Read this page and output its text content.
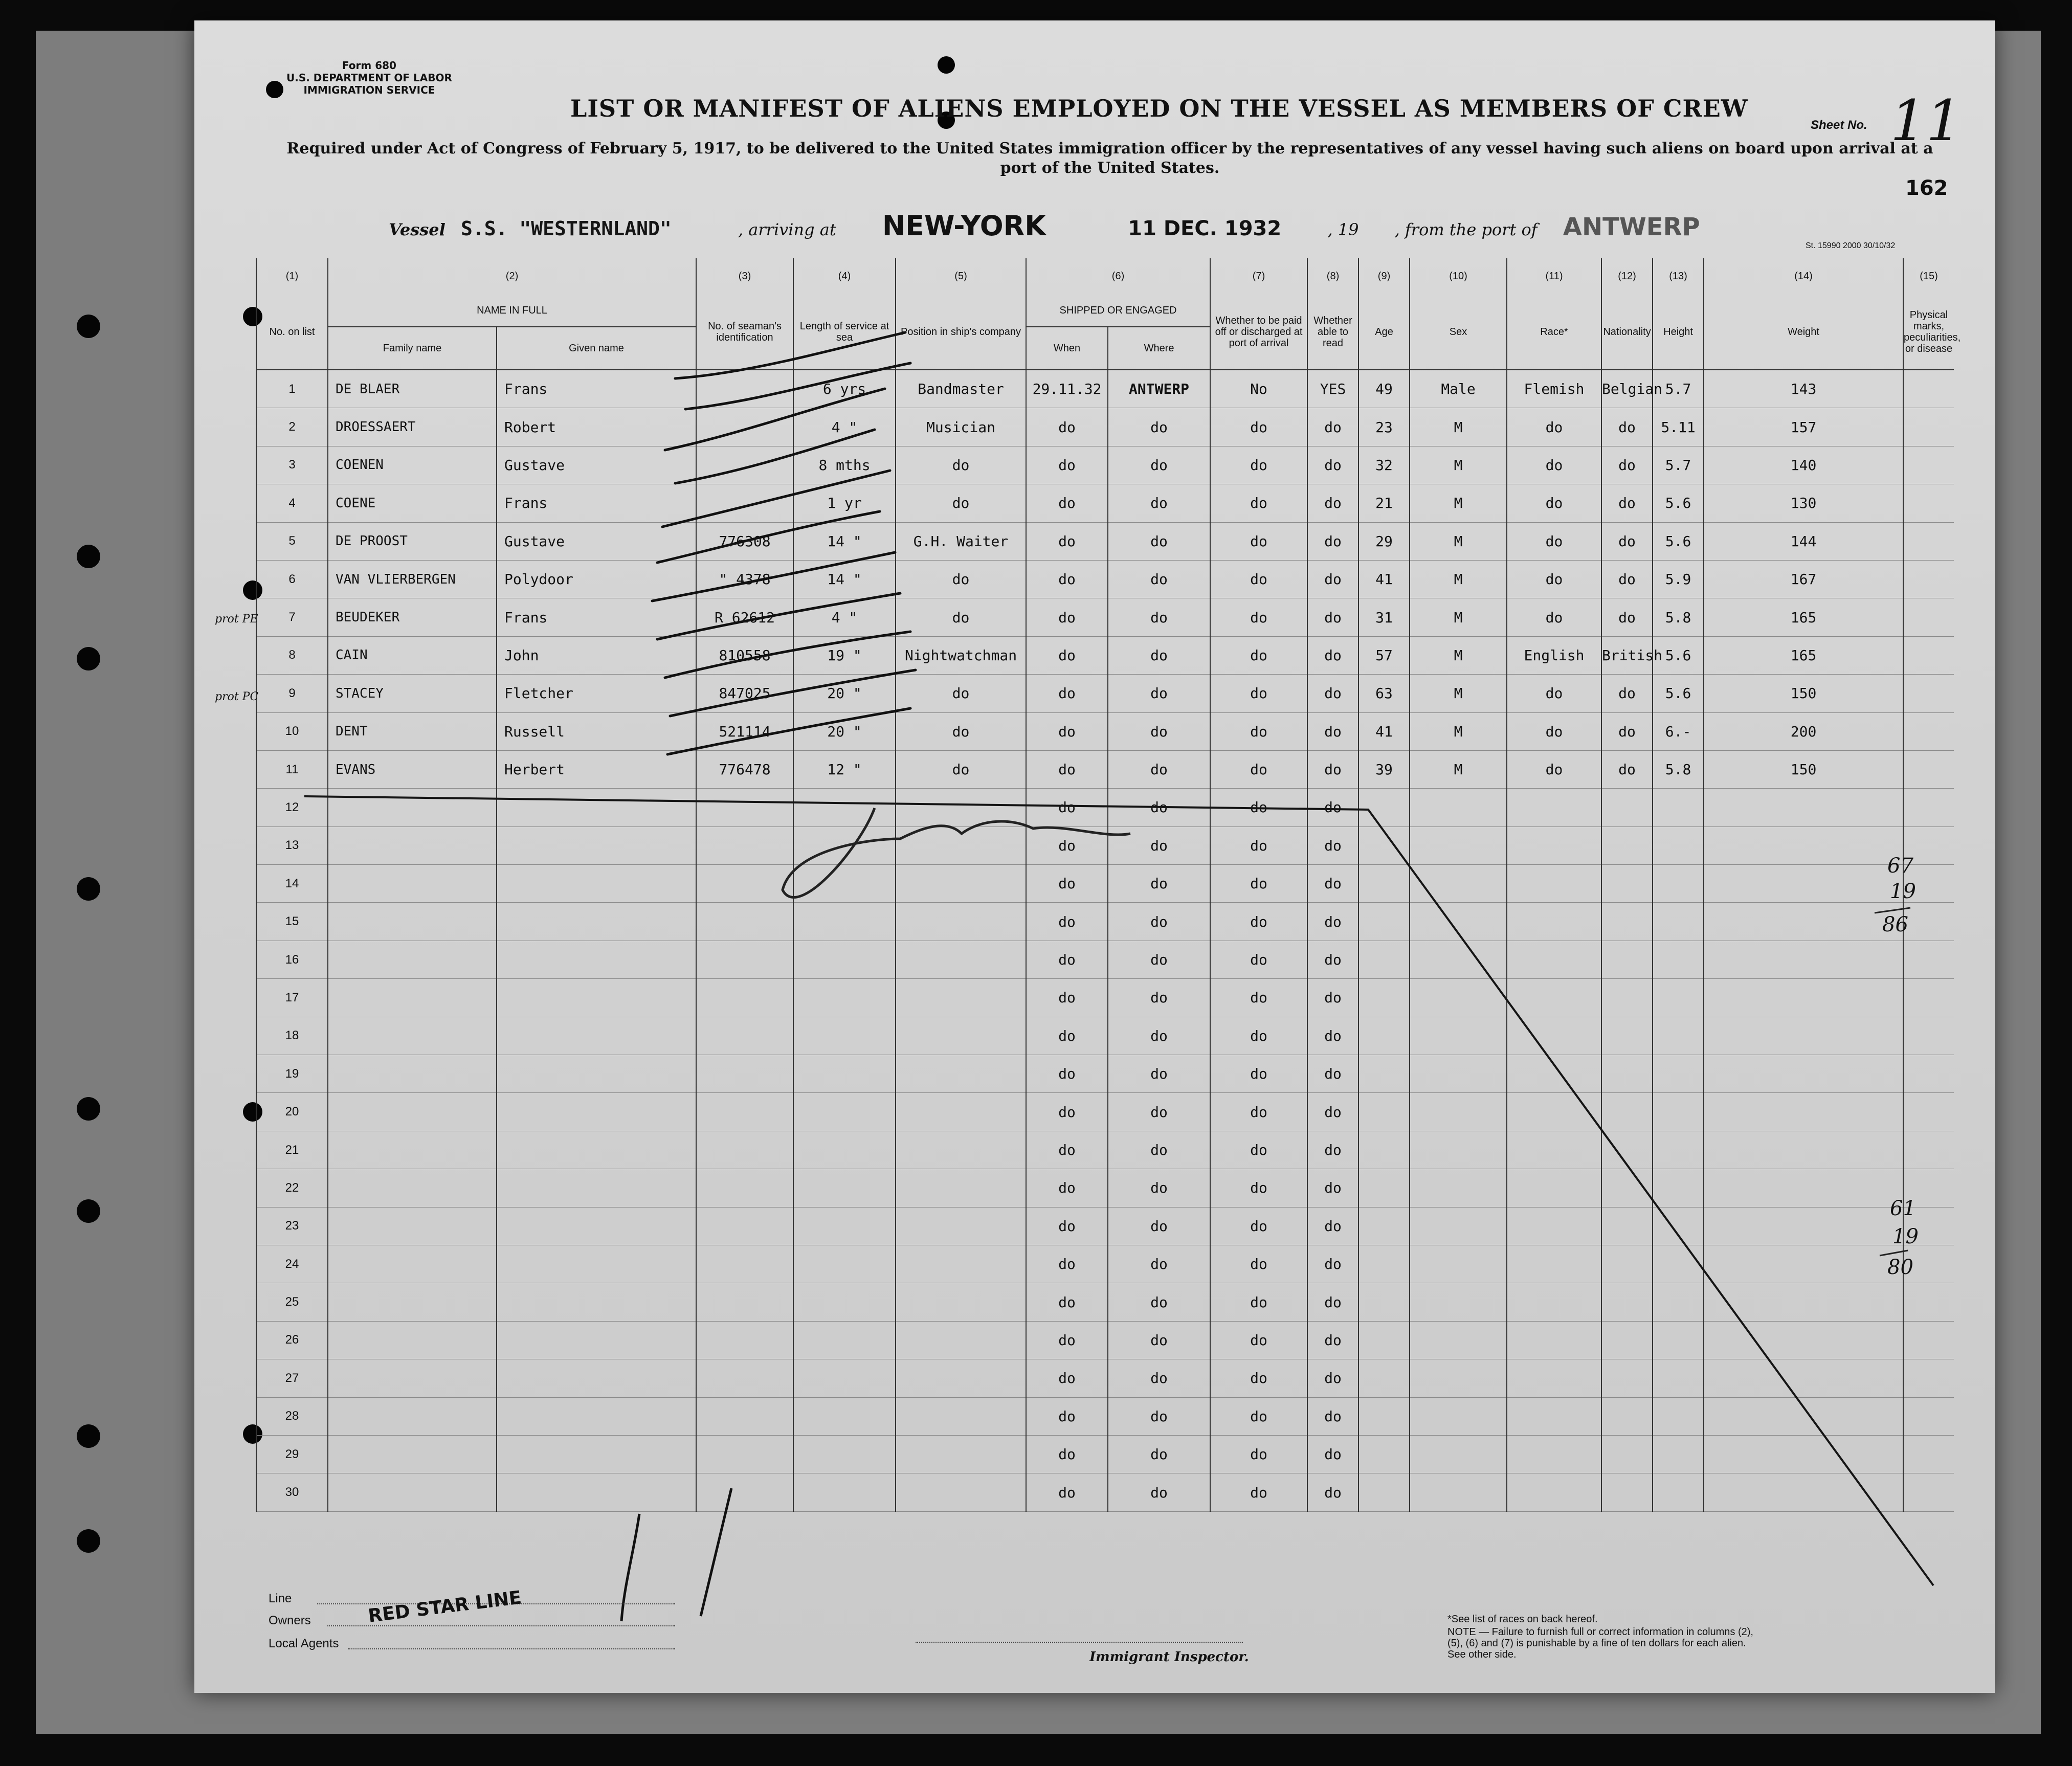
Form 680
U.S. DEPARTMENT OF LABOR
IMMIGRATION SERVICE
LIST OR MANIFEST OF ALIENS EMPLOYED ON THE VESSEL AS MEMBERS OF CREW
Sheet No. 11
Required under Act of Congress of February 5, 1917, to be delivered to the United States immigration officer by the representatives of any vessel having such aliens on board upon arrival at a port of the United States.
Vessel S.S. "WESTERNLAND"	, arriving at NEW-YORK	11 DEC. 1932	, 19 , from the port of ANTWERP
162
St. 15990 2000 30/10/32
(1)	(2)		(3)	(4)	(5)	(6)		(7)	(8)	(9)	(10)	(11)	(12)	(13)	(14)	(15)
No. on list	NAME IN FULL		No. of seaman's identification	Length of service at sea	Position in ship's company	SHIPPED OR ENGAGED		Whether to be paid off or discharged at port of arrival	Whether able to read	Age	Sex	Race*	Nationality	Height	Weight	Physical marks, peculiarities, or disease
	Family name	Given name				When	Where									
1	DE BLAER	Frans		6 yrs	Bandmaster	29.11.32	ANTWERP	No	YES	49	Male	Flemish	Belgian	5.7	143	
2	DROESSAERT	Robert		4 "	Musician	do	do	do	do	23	M	do	do	5.11	157	
3	COENEN	Gustave		8 mths	do	do	do	do	do	32	M	do	do	5.7	140	
4	COENE	Frans		1 yr	do	do	do	do	do	21	M	do	do	5.6	130	
5	DE PROOST	Gustave	776308	14 "	G.H. Waiter	do	do	do	do	29	M	do	do	5.6	144	
6	VAN VLIERBERGEN	Polydoor	" 4378	14 "	do	do	do	do	do	41	M	do	do	5.9	167	
7	BEUDEKER	Frans	R 62612	4 "	do	do	do	do	do	31	M	do	do	5.8	165	
8	CAIN	John	810558	19 "	Nightwatchman	do	do	do	do	57	M	English	British	5.6	165	
9	STACEY	Fletcher	847025	20 "	do	do	do	do	do	63	M	do	do	5.6	150	
10	DENT	Russell	521114	20 "	do	do	do	do	do	41	M	do	do	6.-	200	
11	EVANS	Herbert	776478	12 "	do	do	do	do	do	39	M	do	do	5.8	150	
12						do	do	do	do							
13						do	do	do	do							
14						do	do	do	do							
15						do	do	do	do							
16						do	do	do	do							
17						do	do	do	do							
18						do	do	do	do							
19						do	do	do	do							
20						do	do	do	do							
21						do	do	do	do							
22						do	do	do	do							
23						do	do	do	do							
24						do	do	do	do							
25						do	do	do	do							
26						do	do	do	do							
27						do	do	do	do							
28						do	do	do	do							
29						do	do	do	do							
30						do	do	do	do							
prot PE
prot PC
67
19
86
61
19
80
Line
Owners	RED STAR LINE
Local Agents
Immigrant Inspector.
*See list of races on back hereof.
NOTE — Failure to furnish full or correct information in columns (2), (5), (6) and (7) is punishable by a fine of ten dollars for each alien. See other side.
